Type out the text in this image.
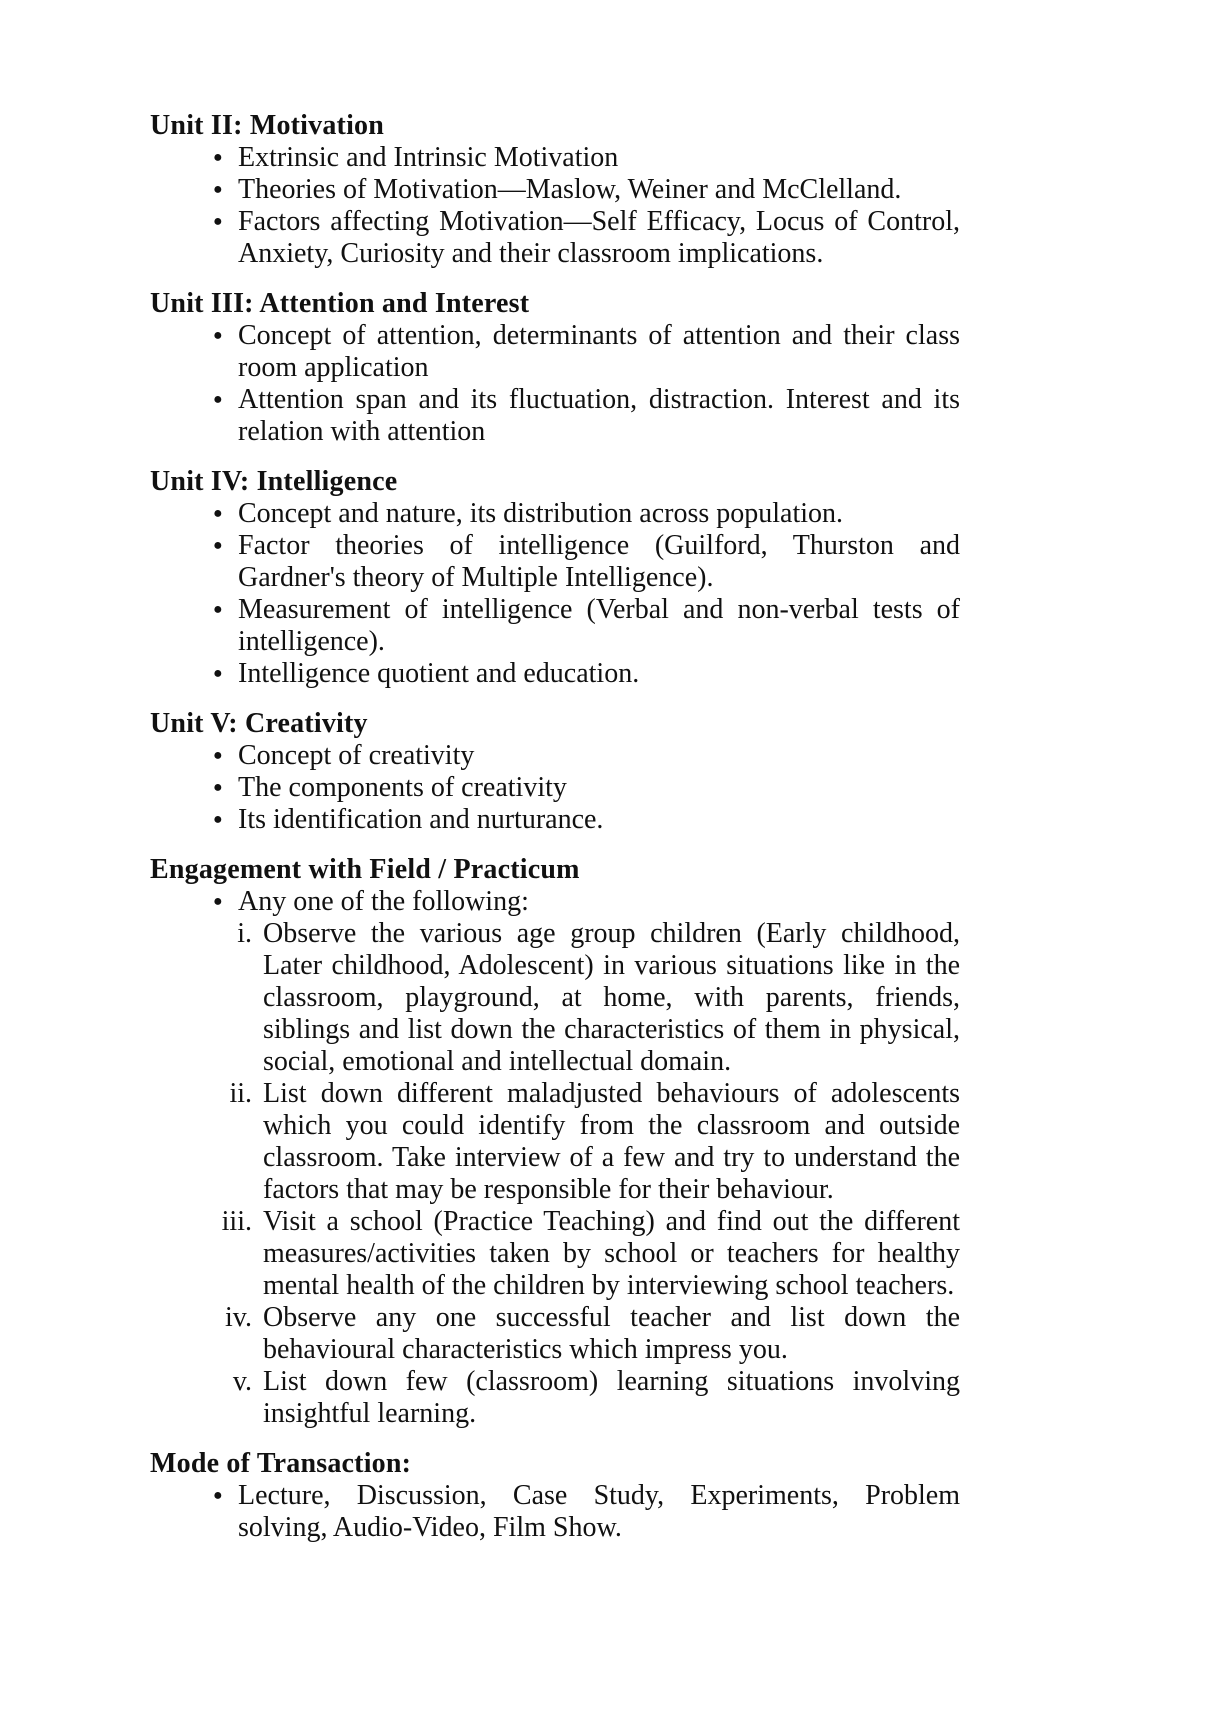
Unit II: Motivation
● Extrinsic and Intrinsic Motivation
● Theories of Motivation—Maslow, Weiner and McClelland.
● Factors affecting Motivation—Self Efficacy, Locus of Control, Anxiety, Curiosity and their classroom implications.
Unit III: Attention and Interest
● Concept of attention, determinants of attention and their class room application
● Attention span and its fluctuation, distraction. Interest and its relation with attention
Unit IV: Intelligence
● Concept and nature, its distribution across population.
● Factor theories of intelligence (Guilford, Thurston and Gardner's theory of Multiple Intelligence).
● Measurement of intelligence (Verbal and non-verbal tests of intelligence).
● Intelligence quotient and education.
Unit V: Creativity
● Concept of creativity
● The components of creativity
● Its identification and nurturance.
Engagement with Field / Practicum
● Any one of the following:
i. Observe the various age group children (Early childhood, Later childhood, Adolescent) in various situations like in the classroom, playground, at home, with parents, friends, siblings and list down the characteristics of them in physical, social, emotional and intellectual domain.
ii. List down different maladjusted behaviours of adolescents which you could identify from the classroom and outside classroom. Take interview of a few and try to understand the factors that may be responsible for their behaviour.
iii. Visit a school (Practice Teaching) and find out the different measures/activities taken by school or teachers for healthy mental health of the children by interviewing school teachers.
iv. Observe any one successful teacher and list down the behavioural characteristics which impress you.
v. List down few (classroom) learning situations involving insightful learning.
Mode of Transaction:
● Lecture, Discussion, Case Study, Experiments, Problem solving, Audio-Video, Film Show.
